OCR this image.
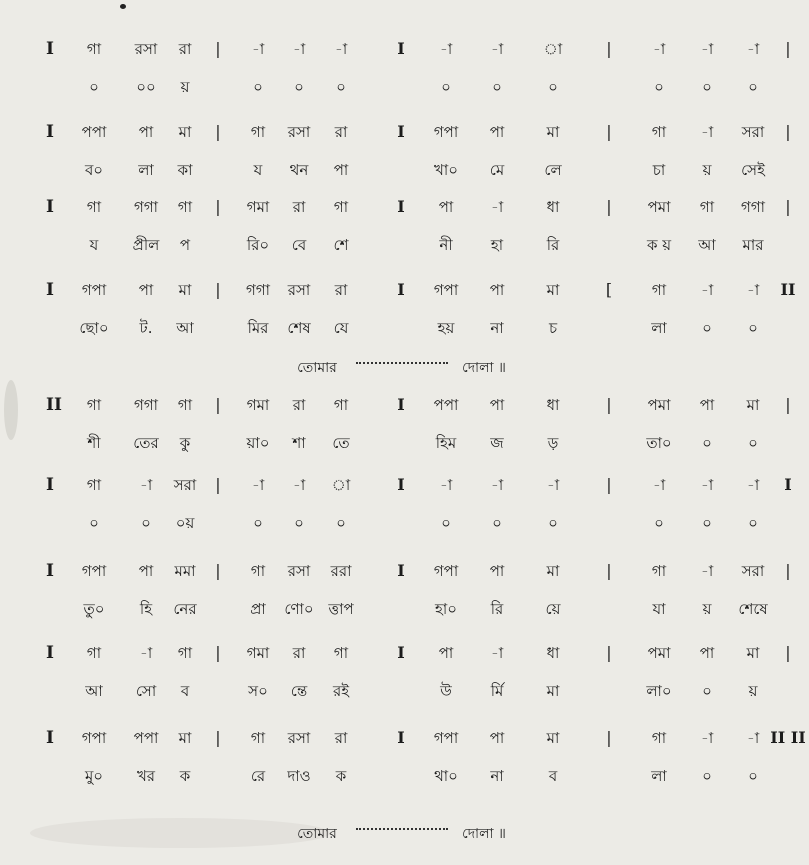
I গা রসা রা | -া -া -া	I -া	-া	া	|	-া -া -া |
০ ০০ য়	০ ০ ০	০	০	০	০	০ ০
I পপা পা মা | গা রসা রা	I গপা পা	মা	|	গা -া সরা |
ব০ লা কা	য থন পা	খা০ মে	লে	চা য় সেই
I গা গগা গা | গমা রা গা	I পা	-া	ধা	| পমা গা গগা |
য প্রীল প	রি০ বে শে	নী	হা	রি	ক য় আ মার
I গপা পা মা | গগা রসা রা	I গপা পা	মা	[	গা -া -া II
ছো০ ট. আ	মির শেষ যে	হয় না	চ	লা ০ ০
তোমার	দোলা ॥
II গা গগা গা | গমা রা গা	I পপা পা	ধা	| পমা পা মা |
শী তের কু	য়া০ শা তে	হিম জ	ড়	তা০ ০ ০
I গা	-া সরা | -া -া া	I -া	-া	-া	|	-া -া -া I
০	০ ০য়	০ ০ ০	০	০	০	০	০ ০
I গপা পা মমা | গা রসা ররা	I গপা পা	মা	|	গা -া সরা |
তু০ হি নের	প্রা ণো০ ত্তাপ	হা০ রি	য়ে	যা য় শেষে
I গা	-া গা | গমা রা গা	I পা	-া	ধা	| পমা পা মা |
আ সো ব	স০ ন্তে রই	উ	র্মি	মা	লা০ ০ য়
I গপা পপা মা | গা রসা রা	I গপা পা	মা	|	গা -া -া II II
মু০ খর ক	রে দাও ক	থা০ না	ব	লা ০ ০
তোমার	দোলা ॥
